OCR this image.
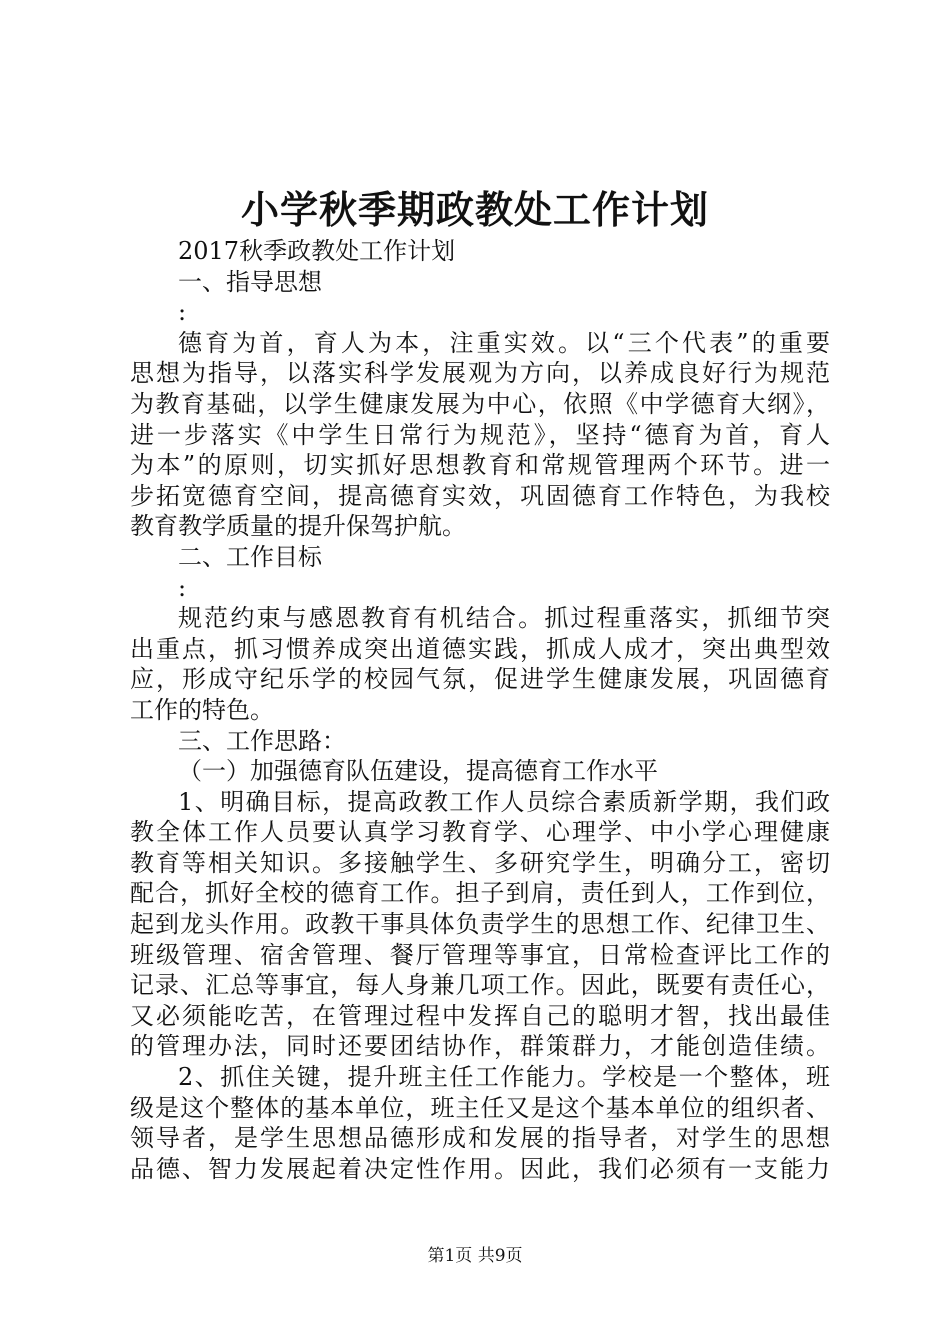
小学秋季期政教处工作计划
2017秋季政教处工作计划
一、指导思想
:
德育为首，育人为本，注重实效。以“三个代表”的重要
思想为指导，以落实科学发展观为方向，以养成良好行为规范
为教育基础，以学生健康发展为中心，依照《中学德育大纲》，
进一步落实《中学生日常行为规范》，坚持“德育为首，育人
为本”的原则，切实抓好思想教育和常规管理两个环节。进一
步拓宽德育空间，提高德育实效，巩固德育工作特色，为我校
教育教学质量的提升保驾护航。
二、工作目标
:
规范约束与感恩教育有机结合。抓过程重落实，抓细节突
出重点，抓习惯养成突出道德实践，抓成人成才，突出典型效
应，形成守纪乐学的校园气氛，促进学生健康发展，巩固德育
工作的特色。
三、工作思路：
（一）加强德育队伍建设，提高德育工作水平
1、明确目标，提高政教工作人员综合素质新学期，我们政
教全体工作人员要认真学习教育学、心理学、中小学心理健康
教育等相关知识。多接触学生、多研究学生，明确分工，密切
配合，抓好全校的德育工作。担子到肩，责任到人，工作到位，
起到龙头作用。政教干事具体负责学生的思想工作、纪律卫生、
班级管理、宿舍管理、餐厅管理等事宜，日常检查评比工作的
记录、汇总等事宜，每人身兼几项工作。因此，既要有责任心，
又必须能吃苦，在管理过程中发挥自己的聪明才智，找出最佳
的管理办法，同时还要团结协作，群策群力，才能创造佳绩。
2、抓住关键，提升班主任工作能力。学校是一个整体，班
级是这个整体的基本单位，班主任又是这个基本单位的组织者、
领导者，是学生思想品德形成和发展的指导者，对学生的思想
品德、智力发展起着决定性作用。因此，我们必须有一支能力
第1页 共9页
